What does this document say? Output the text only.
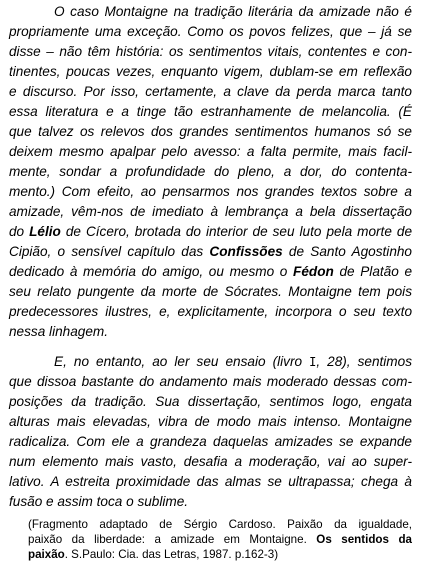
O caso Montaigne na tradição literária da amizade não é
propriamente uma exceção. Como os povos felizes, que – já se
disse – não têm história: os sentimentos vitais, contentes e con-
tinentes, poucas vezes, enquanto vigem, dublam-se em reflexão
e discurso. Por isso, certamente, a clave da perda marca tanto
essa literatura e a tinge tão estranhamente de melancolia. (É
que talvez os relevos dos grandes sentimentos humanos só se
deixem mesmo apalpar pelo avesso: a falta permite, mais facil-
mente, sondar a profundidade do pleno, a dor, do contenta-
mento.) Com efeito, ao pensarmos nos grandes textos sobre a
amizade, vêm-nos de imediato à lembrança a bela dissertação
do Lélio de Cícero, brotada do interior de seu luto pela morte de
Cipião, o sensível capítulo das Confissões de Santo Agostinho
dedicado à memória do amigo, ou mesmo o Fédon de Platão e
seu relato pungente da morte de Sócrates. Montaigne tem pois
predecessores ilustres, e, explicitamente, incorpora o seu texto
nessa linhagem.
E, no entanto, ao ler seu ensaio (livro I, 28), sentimos
que dissoa bastante do andamento mais moderado dessas com-
posições da tradição. Sua dissertação, sentimos logo, engata
alturas mais elevadas, vibra de modo mais intenso. Montaigne
radicaliza. Com ele a grandeza daquelas amizades se expande
num elemento mais vasto, desafia a moderação, vai ao super-
lativo. A estreita proximidade das almas se ultrapassa; chega à
fusão e assim toca o sublime.
(Fragmento adaptado de Sérgio Cardoso. Paixão da igualdade,
paixão da liberdade: a amizade em Montaigne. Os sentidos da
paixão. S.Paulo: Cia. das Letras, 1987. p.162-3)
